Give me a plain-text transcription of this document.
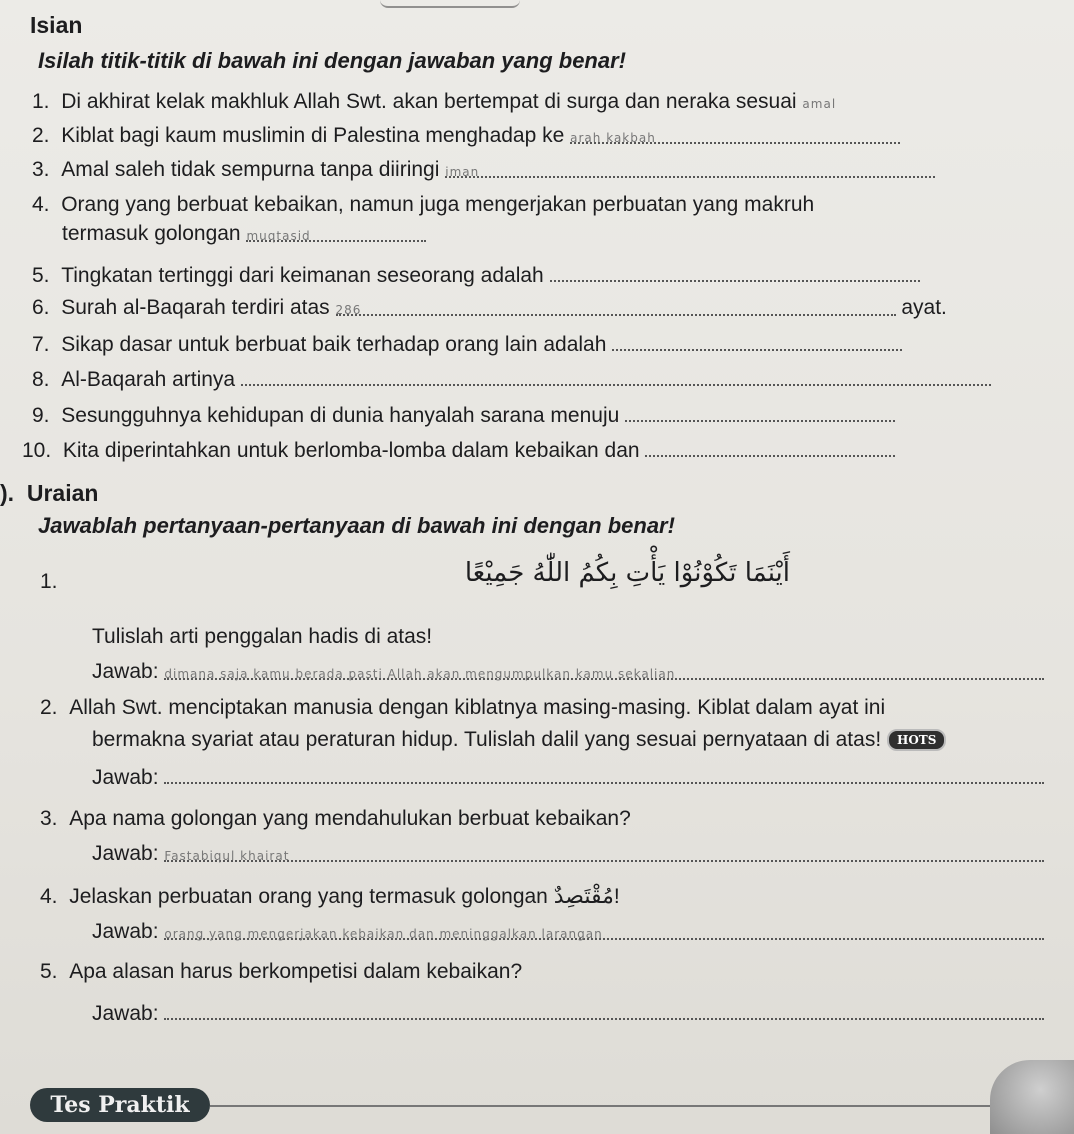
Isian
Isilah titik-titik di bawah ini dengan jawaban yang benar!
1. Di akhirat kelak makhluk Allah Swt. akan bertempat di surga dan neraka sesuai amal
2. Kiblat bagi kaum muslimin di Palestina menghadap ke arah kakbah
3. Amal saleh tidak sempurna tanpa diiringi iman
4. Orang yang berbuat kebaikan, namun juga mengerjakan perbuatan yang makruh
termasuk golongan muqtasid
5. Tingkatan tertinggi dari keimanan seseorang adalah
6. Surah al-Baqarah terdiri atas 286	ayat.
7. Sikap dasar untuk berbuat baik terhadap orang lain adalah
8. Al-Baqarah artinya
9. Sesungguhnya kehidupan di dunia hanyalah sarana menuju
10. Kita diperintahkan untuk berlomba-lomba dalam kebaikan dan
). Uraian
Jawablah pertanyaan-pertanyaan di bawah ini dengan benar!
1.	أَيْنَمَا تَكُوْنُوْا يَأْتِ بِكُمُ اللّٰهُ جَمِيْعًا
Tulislah arti penggalan hadis di atas!
Jawab: dimana saja kamu berada pasti Allah akan mengumpulkan kamu sekalian
2. Allah Swt. menciptakan manusia dengan kiblatnya masing-masing. Kiblat dalam ayat ini
bermakna syariat atau peraturan hidup. Tulislah dalil yang sesuai pernyataan di atas! HOTS
Jawab:
3. Apa nama golongan yang mendahulukan berbuat kebaikan?
Jawab: Fastabiqul khairat
4. Jelaskan perbuatan orang yang termasuk golongan مُقْتَصِدٌ!
Jawab: orang yang mengerjakan kebaikan dan meninggalkan larangan
5. Apa alasan harus berkompetisi dalam kebaikan?
Jawab:
Tes Praktik
